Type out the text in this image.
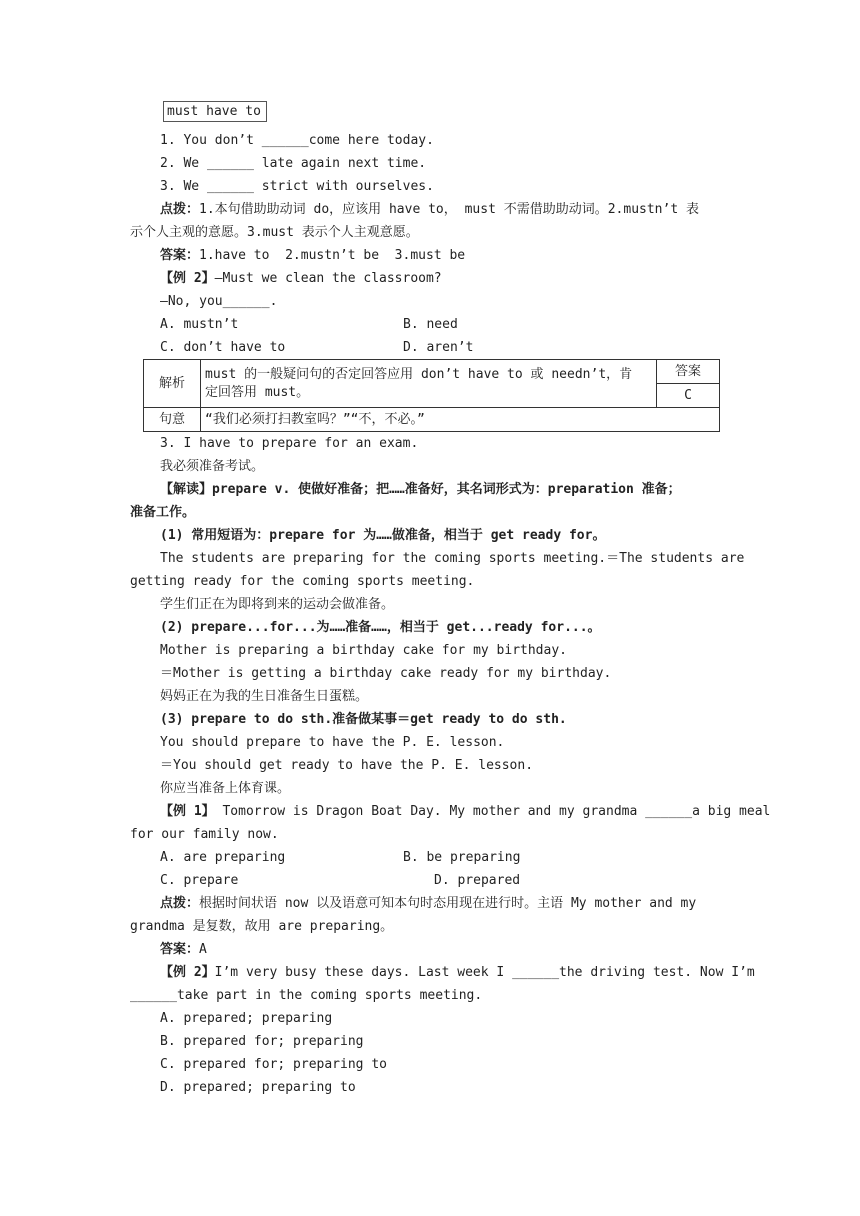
must have to
1. You don’t ______come here today.
2. We ______ late again next time.
3. We ______ strict with ourselves.
点拨：1.本句借助助动词 do，应该用 have to， must 不需借助助动词。2.mustn’t 表
示个人主观的意愿。3.must 表示个人主观意愿。
答案：1.have to  2.mustn’t be  3.must be
【例 2】—Must we clean the classroom?
—No, you______.
A. mustn’t	B. need
C. don’t have to	D. aren’t
解析	must 的一般疑问句的否定回答应用 don’t have to 或 needn’t，肯
定回答用 must。	答案
		C
句意	“我们必须打扫教室吗？”“不，不必。”	
3. I have to prepare for an exam.
我必须准备考试。
【解读】prepare v. 使做好准备；把……准备好，其名词形式为：preparation 准备；
准备工作。
(1) 常用短语为：prepare for 为……做准备，相当于 get ready for。
The students are preparing for the coming sports meeting.＝The students are
getting ready for the coming sports meeting.
学生们正在为即将到来的运动会做准备。
(2) prepare...for...为……准备……，相当于 get...ready for...。
Mother is preparing a birthday cake for my birthday.
＝Mother is getting a birthday cake ready for my birthday.
妈妈正在为我的生日准备生日蛋糕。
(3) prepare to do sth.准备做某事＝get ready to do sth.
You should prepare to have the P. E. lesson.
＝You should get ready to have the P. E. lesson.
你应当准备上体育课。
【例 1】 Tomorrow is Dragon Boat Day. My mother and my grandma ______a big meal
for our family now.
A. are preparing	B. be preparing
C. prepare	D. prepared
点拨：根据时间状语 now 以及语意可知本句时态用现在进行时。主语 My mother and my
grandma 是复数，故用 are preparing。
答案：A
【例 2】I’m very busy these days. Last week I ______the driving test. Now I’m
______take part in the coming sports meeting.
A. prepared; preparing
B. prepared for; preparing
C. prepared for; preparing to
D. prepared; preparing to
